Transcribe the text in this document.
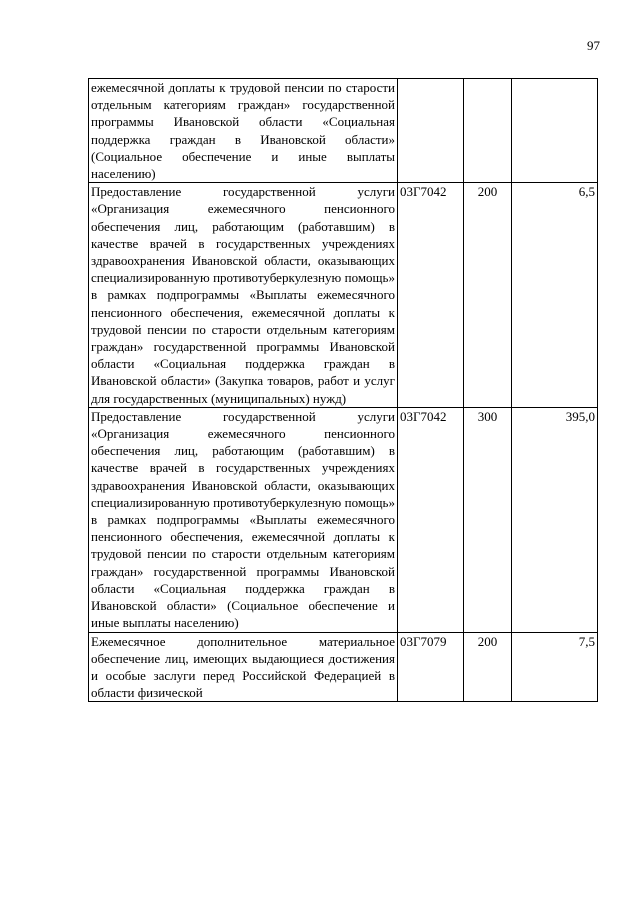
97
ежемесячной доплаты к трудовой пенсии по старости отдельным категориям граждан» государственной программы Ивановской области «Социальная поддержка граждан в Ивановской области» (Социальное обеспечение и иные выплаты населению)			
Предоставление государственной услуги «Организация ежемесячного пенсионного обеспечения лиц, работающим (работавшим) в качестве врачей в государственных учреждениях здравоохранения Ивановской области, оказывающих специализированную противотуберкулезную помощь» в рамках подпрограммы «Выплаты ежемесячного пенсионного обеспечения, ежемесячной доплаты к трудовой пенсии по старости отдельным категориям граждан» государственной программы Ивановской области «Социальная поддержка граждан в Ивановской области» (Закупка товаров, работ и услуг для государственных (муниципальных) нужд)	03Г7042	200	6,5
Предоставление государственной услуги «Организация ежемесячного пенсионного обеспечения лиц, работающим (работавшим) в качестве врачей в государственных учреждениях здравоохранения Ивановской области, оказывающих специализированную противотуберкулезную помощь» в рамках подпрограммы «Выплаты ежемесячного пенсионного обеспечения, ежемесячной доплаты к трудовой пенсии по старости отдельным категориям граждан» государственной программы Ивановской области «Социальная поддержка граждан в Ивановской области» (Социальное обеспечение и иные выплаты населению)	03Г7042	300	395,0
Ежемесячное дополнительное материальное обеспечение лиц, имеющих выдающиеся достижения и особые заслуги перед Российской Федерацией в области физической	03Г7079	200	7,5
